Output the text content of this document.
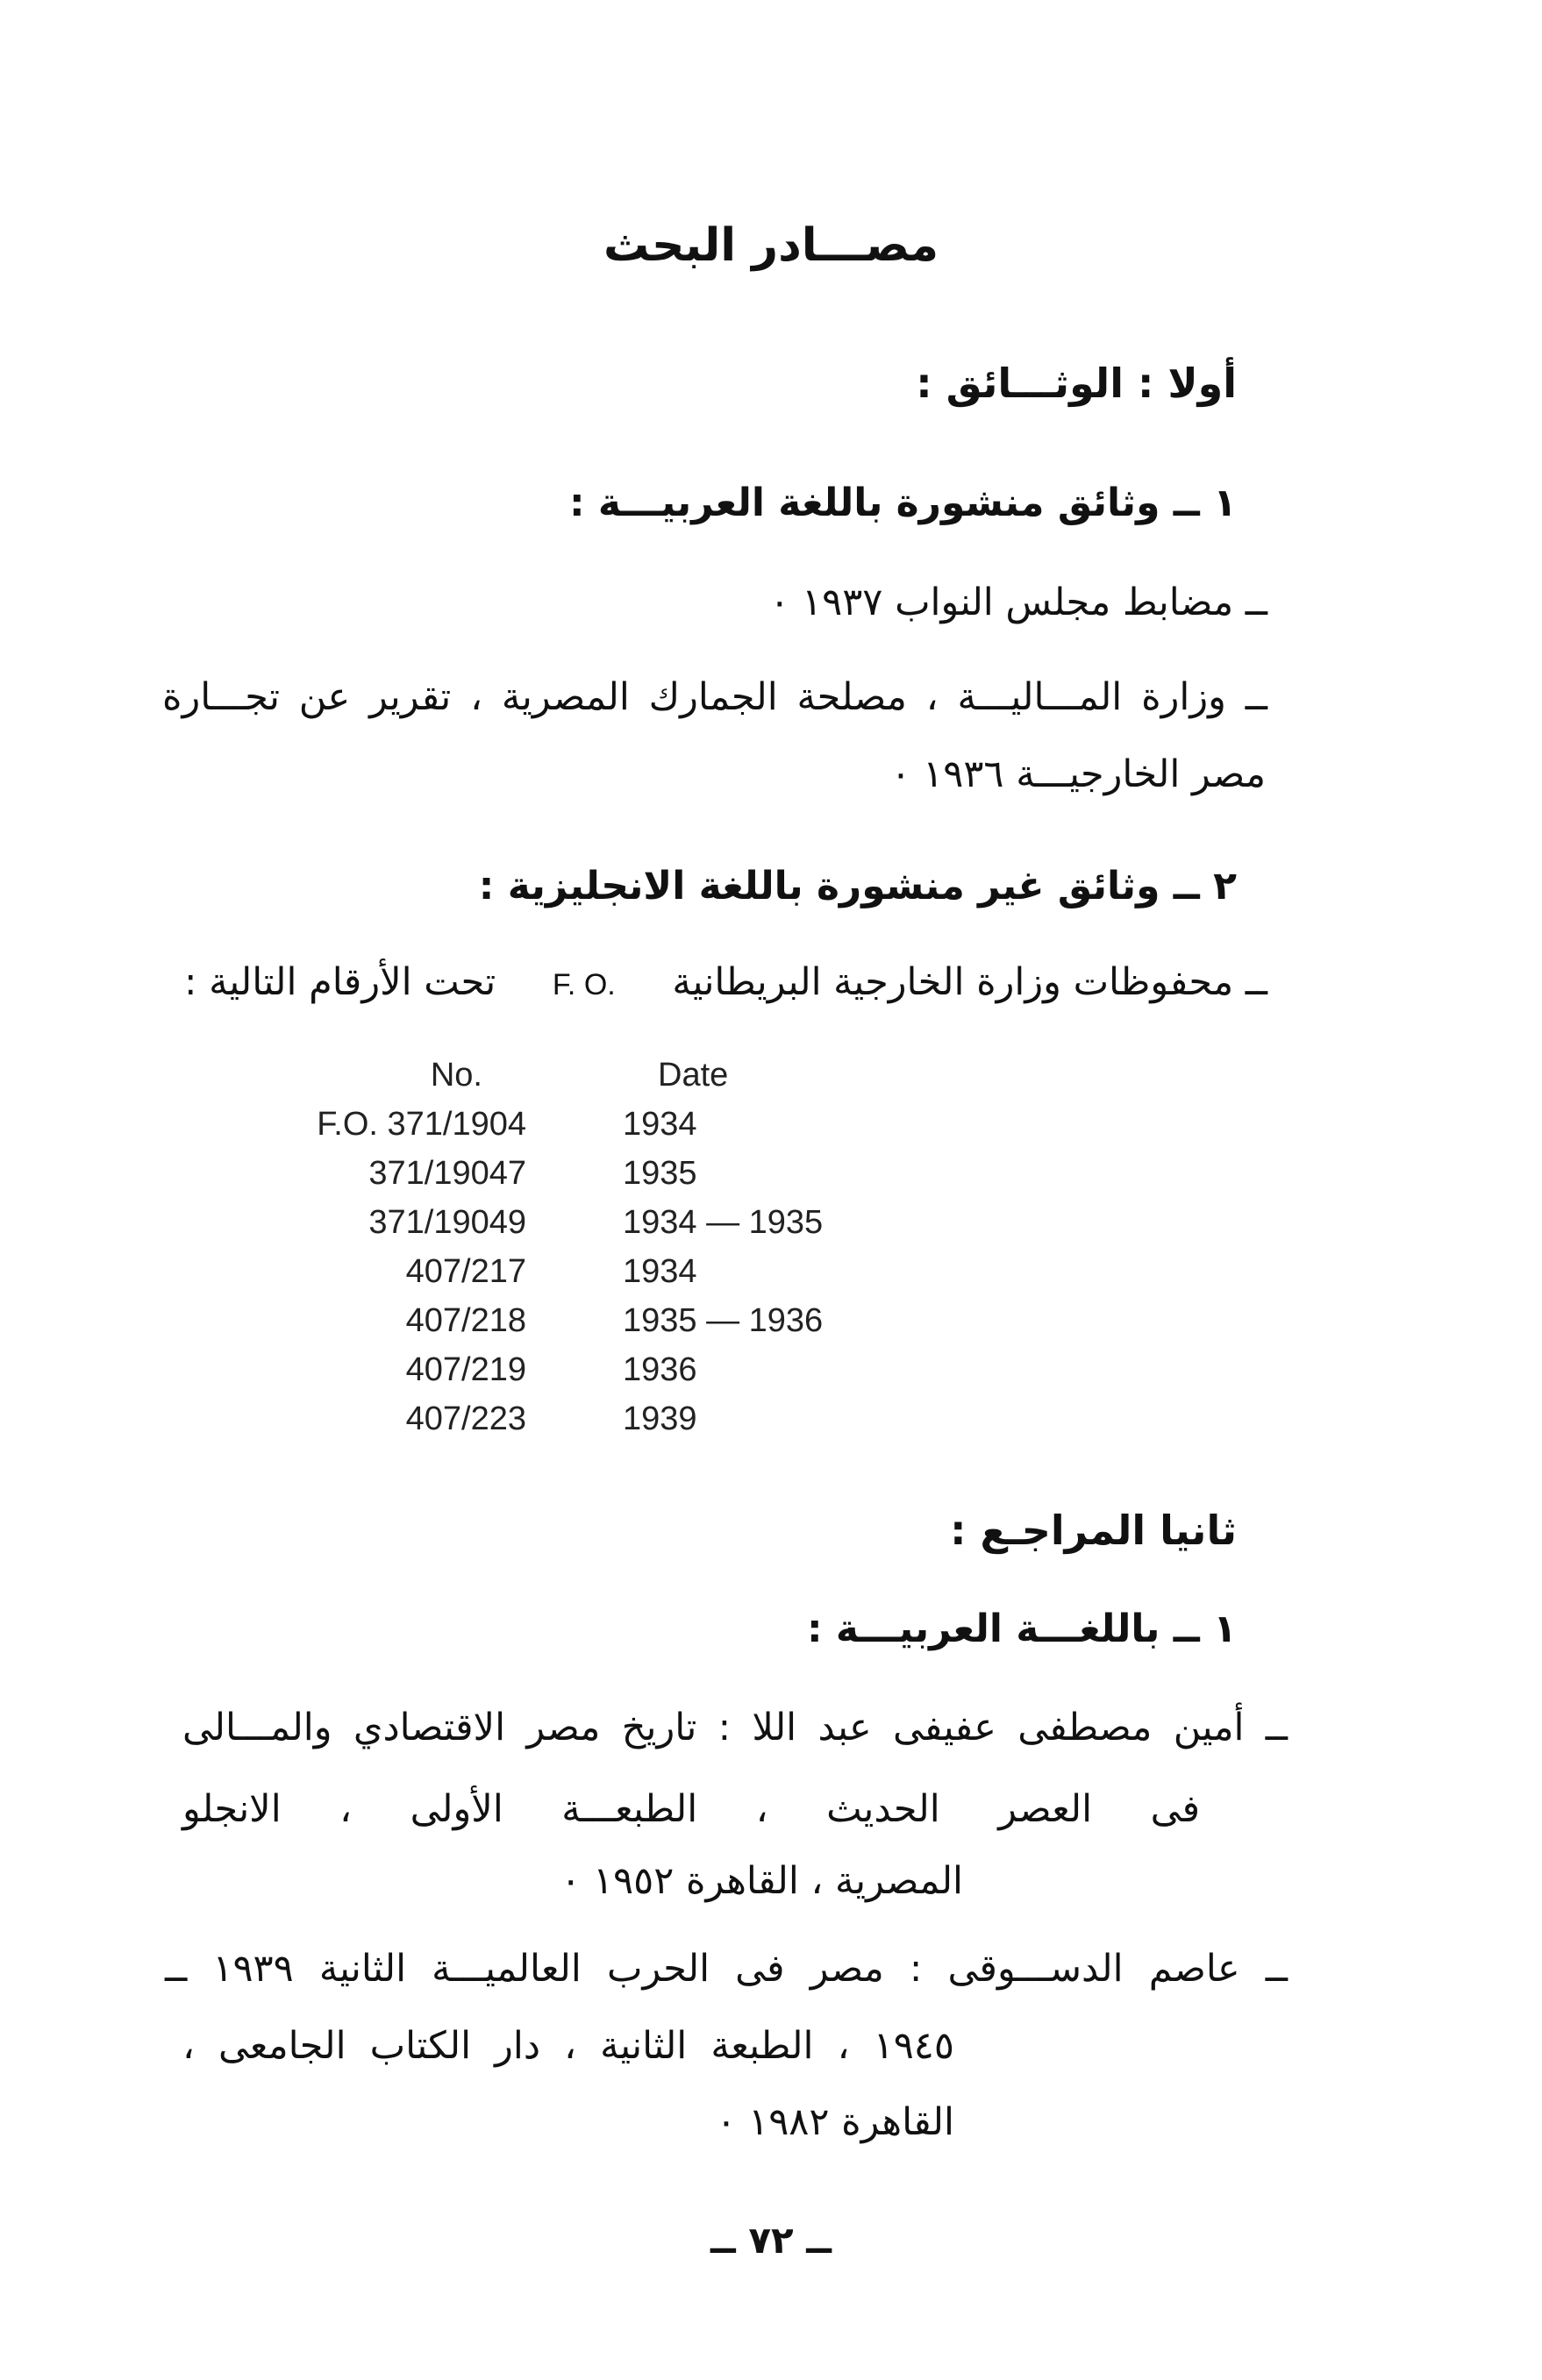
مصـــادر البحث
أولا : الوثـــائق :
١ ــ وثائق منشورة باللغة العربيـــة :
ــ مضابط مجلس النواب ١٩٣٧ ٠
ــ وزارة المـــاليـــة ، مصلحة الجمارك المصرية ، تقرير عن تجـــارة
مصر الخارجيـــة ١٩٣٦ ٠
٢ ــ وثائق غير منشورة باللغة الانجليزية :
ــ محفوظات وزارة الخارجية البريطانية
F. O.
تحت الأرقام التالية :
No.	Date
F.O. 371/1904	1934
371/19047	1935
371/19049	1934 — 1935
407/217	1934
407/218	1935 — 1936
407/219	1936
407/223	1939
ثانيا المراجـع :
١ ــ باللغـــة العربيـــة :
ــ أمين مصطفى عفيفى عبد اللا : تاريخ مصر الاقتصادي والمـــالى
فى العصر الحديث ، الطبعـــة الأولى ، الانجلو
المصرية ، القاهرة ١٩٥٢ ٠
ــ عاصم الدســـوقى : مصر فى الحرب العالميـــة الثانية ١٩٣٩ ــ
١٩٤٥ ، الطبعة الثانية ، دار الكتاب الجامعى ،
القاهرة ١٩٨٢ ٠
ــ ٧٢ ــ
